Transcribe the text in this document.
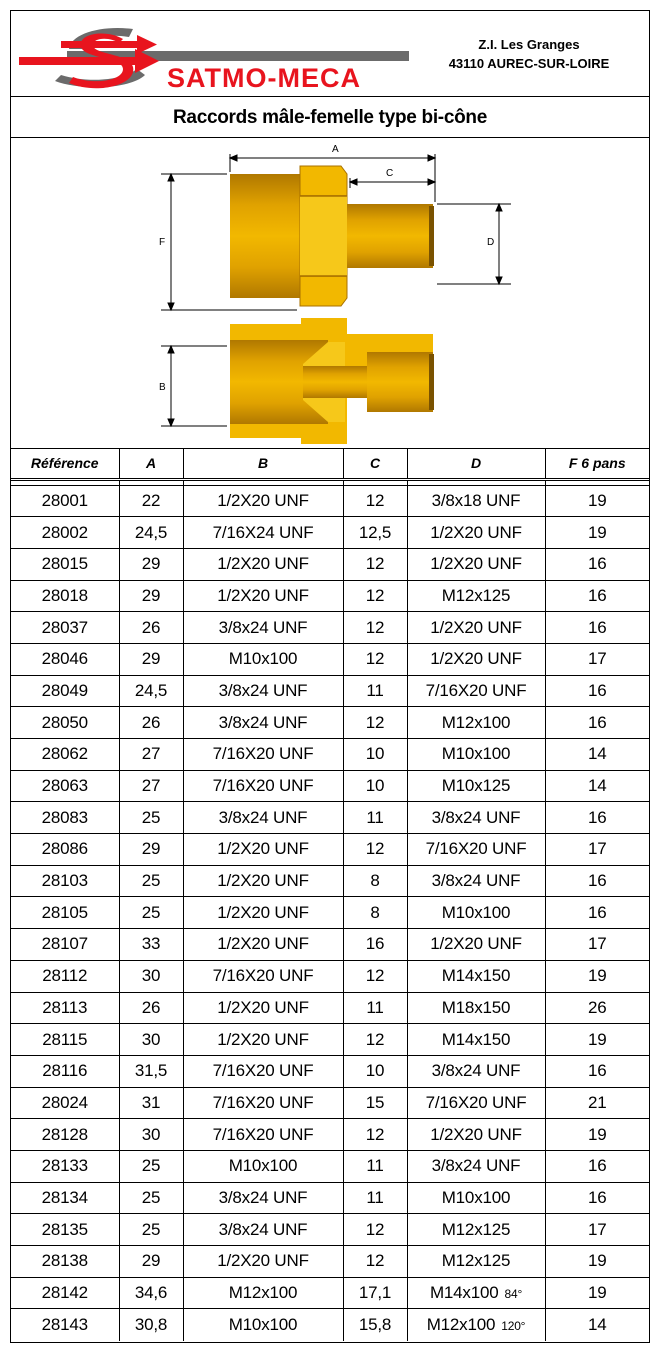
SATMO-MECA
Z.I. Les Granges
43110 AUREC-SUR-LOIRE
Raccords mâle-femelle type bi-cône
A
C
D
F
B
Référence	A	B	C	D	F 6 pans

28001	22	1/2X20 UNF	12	3/8x18 UNF	19
28002	24,5	7/16X24 UNF	12,5	1/2X20 UNF	19
28015	29	1/2X20 UNF	12	1/2X20 UNF	16
28018	29	1/2X20 UNF	12	M12x125	16
28037	26	3/8x24 UNF	12	1/2X20 UNF	16
28046	29	M10x100	12	1/2X20 UNF	17
28049	24,5	3/8x24 UNF	11	7/16X20 UNF	16
28050	26	3/8x24 UNF	12	M12x100	16
28062	27	7/16X20 UNF	10	M10x100	14
28063	27	7/16X20 UNF	10	M10x125	14
28083	25	3/8x24 UNF	11	3/8x24 UNF	16
28086	29	1/2X20 UNF	12	7/16X20 UNF	17
28103	25	1/2X20 UNF	8	3/8x24 UNF	16
28105	25	1/2X20 UNF	8	M10x100	16
28107	33	1/2X20 UNF	16	1/2X20 UNF	17
28112	30	7/16X20 UNF	12	M14x150	19
28113	26	1/2X20 UNF	11	M18x150	26
28115	30	1/2X20 UNF	12	M14x150	19
28116	31,5	7/16X20 UNF	10	3/8x24 UNF	16
28024	31	7/16X20 UNF	15	7/16X20 UNF	21
28128	30	7/16X20 UNF	12	1/2X20 UNF	19
28133	25	M10x100	11	3/8x24 UNF	16
28134	25	3/8x24 UNF	11	M10x100	16
28135	25	3/8x24 UNF	12	M12x125	17
28138	29	1/2X20 UNF	12	M12x125	19
28142	34,6	M12x100	17,1	M14x100 84°	19
28143	30,8	M10x100	15,8	M12x100 120°	14
